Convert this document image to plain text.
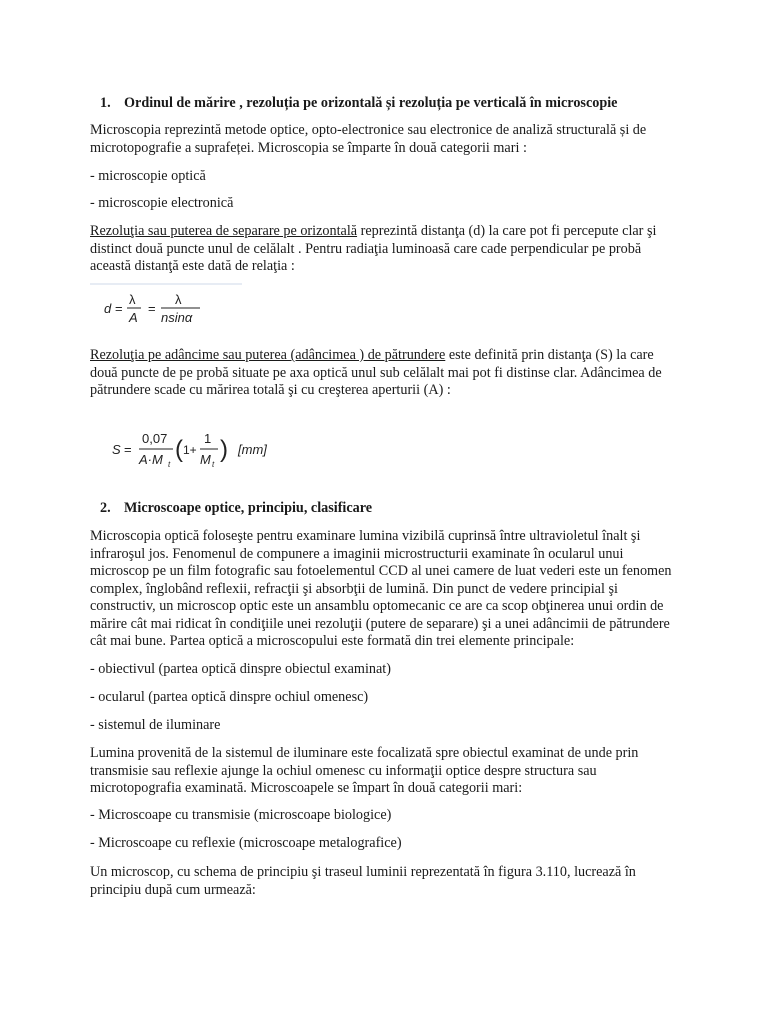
1. Ordinul de mărire , rezoluția pe orizontală și rezoluția pe verticală în microscopie

Microscopia reprezintă metode optice, opto-electronice sau electronice de analiză structurală și de microtopografie a suprafeței. Microscopia se împarte în două categorii mari :

- microscopie optică

- microscopie electronică

Rezoluţia sau puterea de separare pe orizontală reprezintă distanţa (d) la care pot fi percepute clar şi distinct două puncte unul de celălalt . Pentru radiaţia luminoasă care cade perpendicular pe probă această distanţă este dată de relaţia :

d =
λ
A
=
λ
nsinα

Rezoluţia pe adâncime sau puterea (adâncimea ) de pătrundere este definită prin distanţa (S) la care două puncte de pe probă situate pe axa optică unul sub celălalt mai pot fi distinse clar. Adâncimea de pătrundere scade cu mărirea totală şi cu creşterea aperturii (A) :

S =
0,07
A·M t
( 1+
1
M t
) [mm]

2. Microscoape optice, principiu, clasificare

Microscopia optică foloseşte pentru examinare lumina vizibilă cuprinsă între ultravioletul înalt şi infraroşul jos. Fenomenul de compunere a imaginii microstructurii examinate în ocularul unui microscop pe un film fotografic sau fotoelementul CCD al unei camere de luat vederi este un fenomen complex, înglobând reflexii, refracţii şi absorbţii de lumină. Din punct de vedere principial şi constructiv, un microscop optic este un ansamblu optomecanic ce are ca scop obţinerea unui ordin de mărire cât mai ridicat în condiţiile unei rezoluţii (putere de separare) şi a unei adâncimii de pătrundere cât mai bune. Partea optică a microscopului este formată din trei elemente principale:

- obiectivul (partea optică dinspre obiectul examinat)

- ocularul (partea optică dinspre ochiul omenesc)

- sistemul de iluminare

Lumina provenită de la sistemul de iluminare este focalizată spre obiectul examinat de unde prin transmisie sau reflexie ajunge la ochiul omenesc cu informaţii optice despre structura sau microtopografia examinată. Microscoapele se împart în două categorii mari:

- Microscoape cu transmisie (microscoape biologice)

- Microscoape cu reflexie (microscoape metalografice)

Un microscop, cu schema de principiu şi traseul luminii reprezentată în figura 3.110, lucrează în principiu după cum urmează:
